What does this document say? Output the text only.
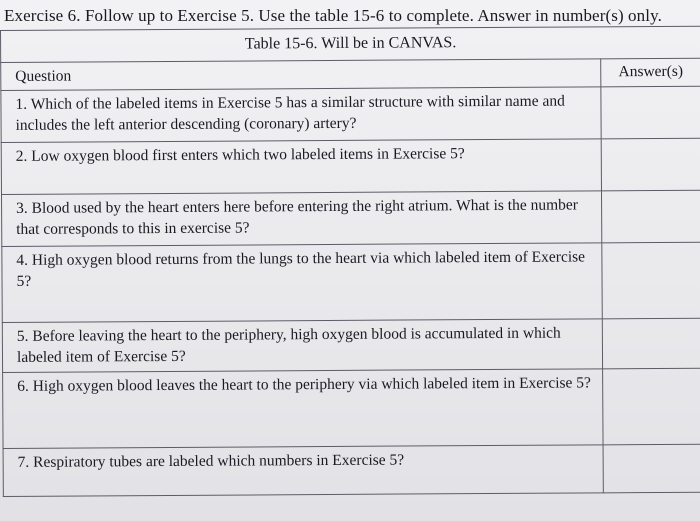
Exercise 6. Follow up to Exercise 5. Use the table 15-6 to complete. Answer in number(s) only.
Table 15-6. Will be in CANVAS.	
Question	Answer(s)

1. Which of the labeled items in Exercise 5 has a similar structure with similar name and includes the left anterior descending (coronary) artery?	

2. Low oxygen blood first enters which two labeled items in Exercise 5?	

3. Blood used by the heart enters here before entering the right atrium. What is the number that corresponds to this in exercise 5?	

4. High oxygen blood returns from the lungs to the heart via which labeled item of Exercise 5?	

5. Before leaving the heart to the periphery, high oxygen blood is accumulated in which labeled item of Exercise 5?	

6. High oxygen blood leaves the heart to the periphery via which labeled item in Exercise 5?	

7. Respiratory tubes are labeled which numbers in Exercise 5?	
